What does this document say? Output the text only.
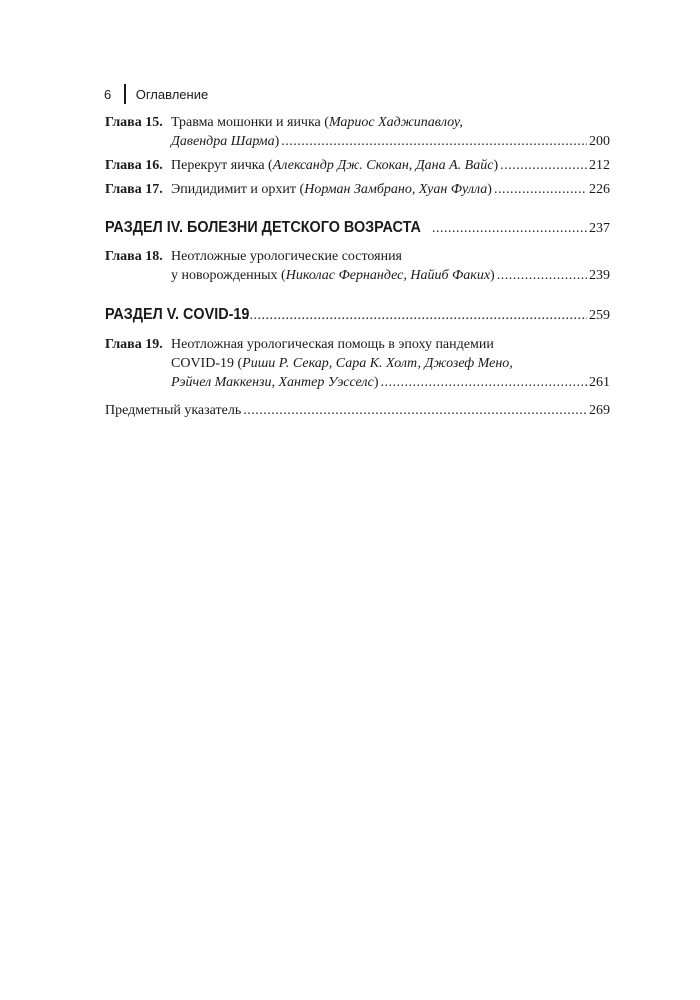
6 Оглавление
Глава 15. Травма мошонки и яичка (Мариос Хаджипавлоу,
Давендра Шарма) .....	200
Глава 16. Перекрут яичка (Александр Дж. Скокан, Дана А. Вайс) .....	212
Глава 17. Эпидидимит и орхит (Норман Замбрано, Хуан Фулла) .....	226
РАЗДЕЛ IV. БОЛЕЗНИ ДЕТСКОГО ВОЗРАСТА .....	237
Глава 18. Неотложные урологические состояния
у новорожденных (Николас Фернандес, Найиб Факих) .....	239
РАЗДЕЛ V. COVID-19 .....	259
Глава 19. Неотложная урологическая помощь в эпоху пандемии
COVID-19 (Риши Р. Секар, Сара К. Холт, Джозеф Мено,
Рэйчел Маккензи, Хантер Уэсселс) .....	261
Предметный указатель .....	269
